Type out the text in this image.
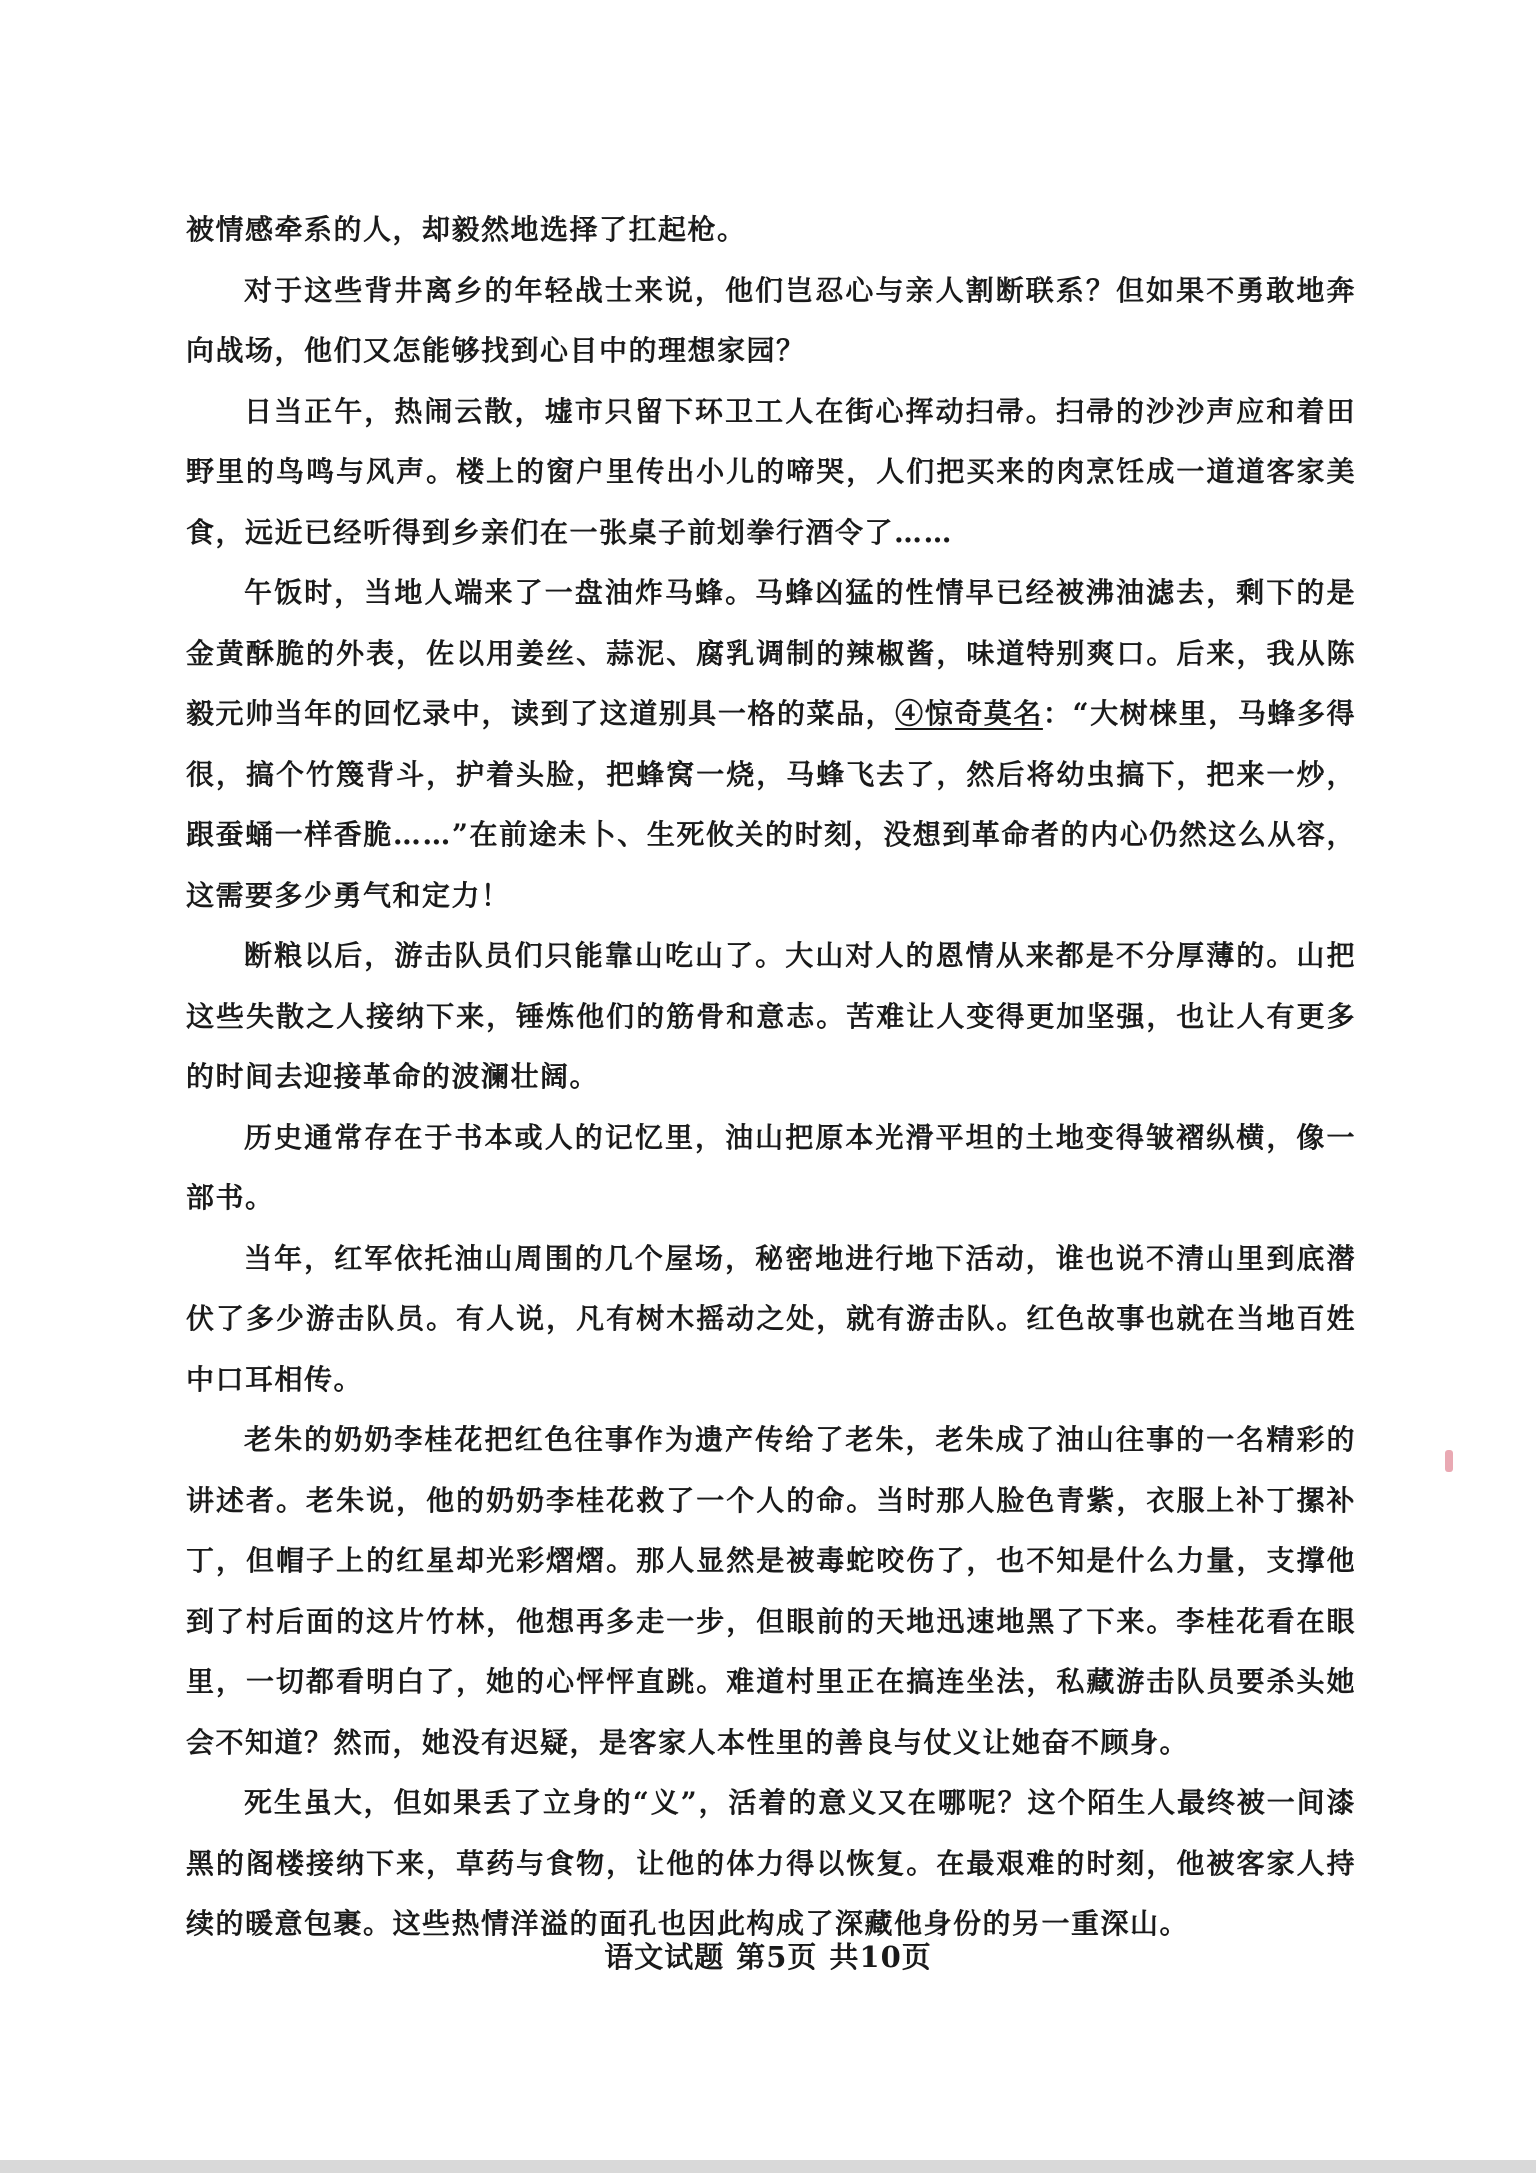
被情感牵系的人，却毅然地选择了扛起枪。

对于这些背井离乡的年轻战士来说，他们岂忍心与亲人割断联系？但如果不勇敢地奔向战场，他们又怎能够找到心目中的理想家园？

日当正午，热闹云散，墟市只留下环卫工人在街心挥动扫帚。扫帚的沙沙声应和着田野里的鸟鸣与风声。楼上的窗户里传出小儿的啼哭，人们把买来的肉烹饪成一道道客家美食，远近已经听得到乡亲们在一张桌子前划拳行酒令了……

午饭时，当地人端来了一盘油炸马蜂。马蜂凶猛的性情早已经被沸油滤去，剩下的是金黄酥脆的外表，佐以用姜丝、蒜泥、腐乳调制的辣椒酱，味道特别爽口。后来，我从陈毅元帅当年的回忆录中，读到了这道别具一格的菜品，④惊奇莫名：“大树梾里，马蜂多得很，搞个竹篾背斗，护着头脸，把蜂窝一烧，马蜂飞去了，然后将幼虫搞下，把来一炒，跟蚕蛹一样香脆……”在前途未卜、生死攸关的时刻，没想到革命者的内心仍然这么从容，这需要多少勇气和定力！

断粮以后，游击队员们只能靠山吃山了。大山对人的恩情从来都是不分厚薄的。山把这些失散之人接纳下来，锤炼他们的筋骨和意志。苦难让人变得更加坚强，也让人有更多的时间去迎接革命的波澜壮阔。

历史通常存在于书本或人的记忆里，油山把原本光滑平坦的土地变得皱褶纵横，像一部书。

当年，红军依托油山周围的几个屋场，秘密地进行地下活动，谁也说不清山里到底潜伏了多少游击队员。有人说，凡有树木摇动之处，就有游击队。红色故事也就在当地百姓中口耳相传。

老朱的奶奶李桂花把红色往事作为遗产传给了老朱，老朱成了油山往事的一名精彩的讲述者。老朱说，他的奶奶李桂花救了一个人的命。当时那人脸色青紫，衣服上补丁摞补丁，但帽子上的红星却光彩熠熠。那人显然是被毒蛇咬伤了，也不知是什么力量，支撑他到了村后面的这片竹林，他想再多走一步，但眼前的天地迅速地黑了下来。李桂花看在眼里，一切都看明白了，她的心怦怦直跳。难道村里正在搞连坐法，私藏游击队员要杀头她会不知道？然而，她没有迟疑，是客家人本性里的善良与仗义让她奋不顾身。

死生虽大，但如果丢了立身的“义”，活着的意义又在哪呢？这个陌生人最终被一间漆黑的阁楼接纳下来，草药与食物，让他的体力得以恢复。在最艰难的时刻，他被客家人持续的暖意包裹。这些热情洋溢的面孔也因此构成了深藏他身份的另一重深山。

语文试题 第5页 共10页
